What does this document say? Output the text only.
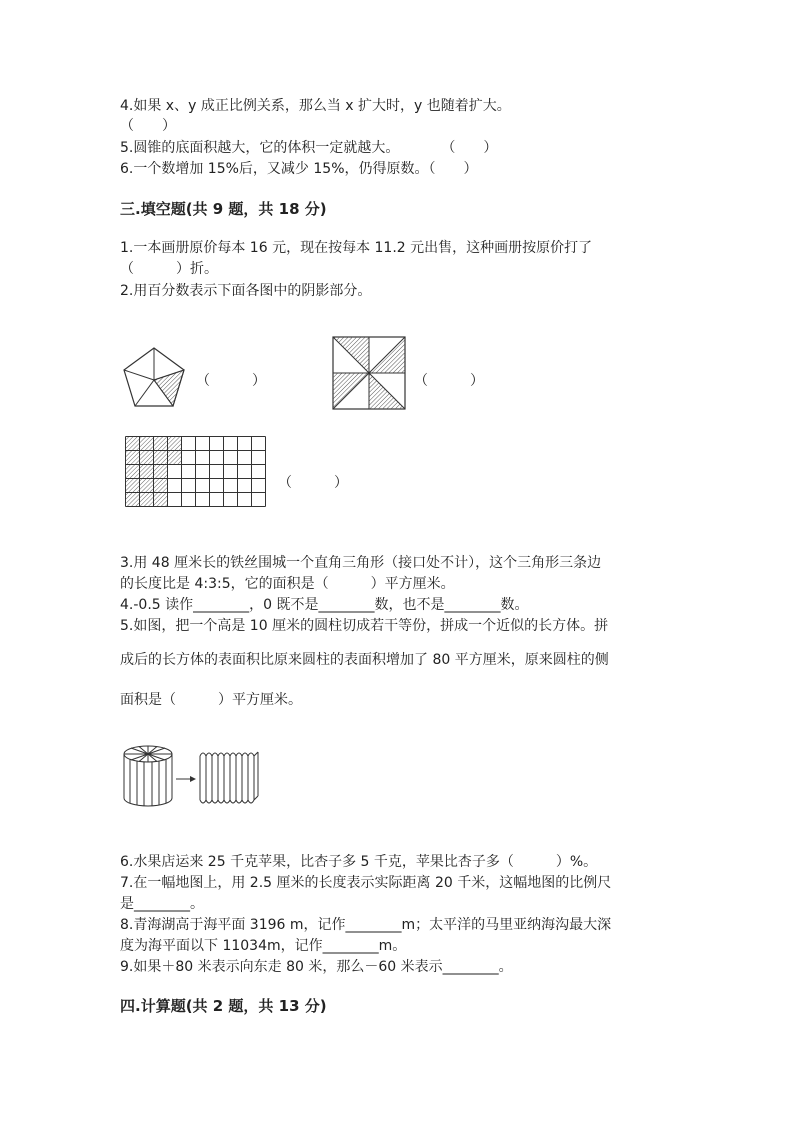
4.如果 x、y 成正比例关系，那么当 x 扩大时，y 也随着扩大。
（　　）
5.圆锥的底面积越大，它的体积一定就越大。　　　　（　　）
6.一个数增加 15%后，又减少 15%，仍得原数。（　　）
三.填空题(共 9 题，共 18 分)
1.一本画册原价每本 16 元，现在按每本 11.2 元出售，这种画册按原价打了
（　　　）折。
2.用百分数表示下面各图中的阴影部分。
（　　　）	（　　　）
（　　　）
3.用 48 厘米长的铁丝围城一个直角三角形（接口处不计），这个三角形三条边
的长度比是 4:3:5，它的面积是（　　　）平方厘米。
4.-0.5 读作________，0 既不是________数，也不是________数。
5.如图，把一个高是 10 厘米的圆柱切成若干等份，拼成一个近似的长方体。拼
成后的长方体的表面积比原来圆柱的表面积增加了 80 平方厘米，原来圆柱的侧
面积是（　　　）平方厘米。
6.水果店运来 25 千克苹果，比杏子多 5 千克，苹果比杏子多（　　　）%。
7.在一幅地图上，用 2.5 厘米的长度表示实际距离 20 千米，这幅地图的比例尺
是________。
8.青海湖高于海平面 3196 m，记作________m；太平洋的马里亚纳海沟最大深
度为海平面以下 11034m，记作________m。
9.如果＋80 米表示向东走 80 米，那么－60 米表示________。
四.计算题(共 2 题，共 13 分)
